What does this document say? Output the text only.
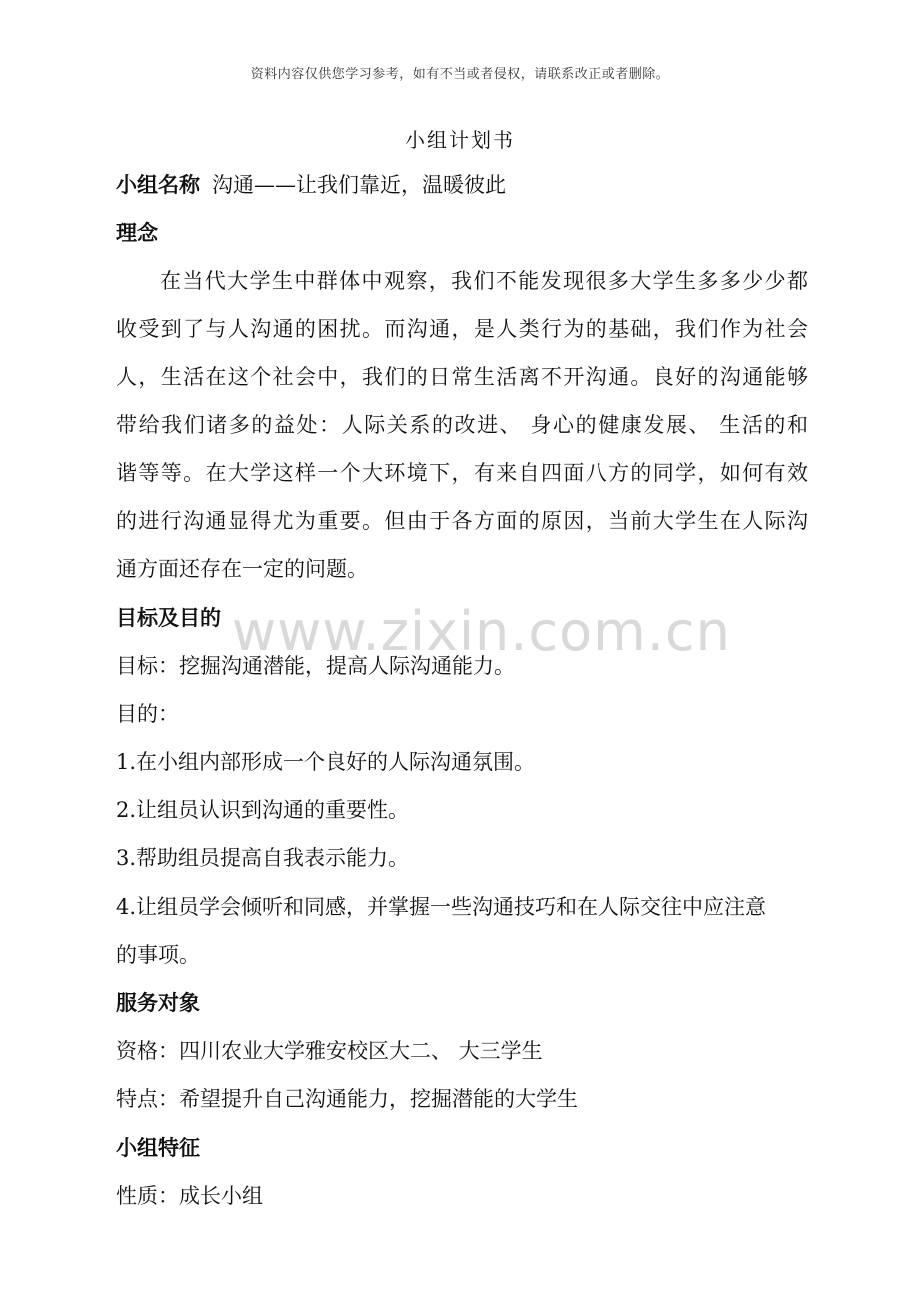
资料内容仅供您学习参考，如有不当或者侵权，请联系改正或者删除。
小组计划书
小组名称 沟通——让我们靠近，温暖彼此
理念
在当代大学生中群体中观察，我们不能发现很多大学生多多少少都
收受到了与人沟通的困扰。而沟通，是人类行为的基础，我们作为社会
人，生活在这个社会中，我们的日常生活离不开沟通。良好的沟通能够
带给我们诸多的益处：人际关系的改进、 身心的健康发展、 生活的和
谐等等。在大学这样一个大环境下，有来自四面八方的同学，如何有效
的进行沟通显得尤为重要。但由于各方面的原因，当前大学生在人际沟
通方面还存在一定的问题。
目标及目的
目标：挖掘沟通潜能，提高人际沟通能力。
目的：
1.在小组内部形成一个良好的人际沟通氛围。
2.让组员认识到沟通的重要性。
3.帮助组员提高自我表示能力。
4.让组员学会倾听和同感，并掌握一些沟通技巧和在人际交往中应注意
的事项。
服务对象
资格：四川农业大学雅安校区大二、 大三学生
特点：希望提升自己沟通能力，挖掘潜能的大学生
小组特征
性质：成长小组
www.zixin.com.cn
